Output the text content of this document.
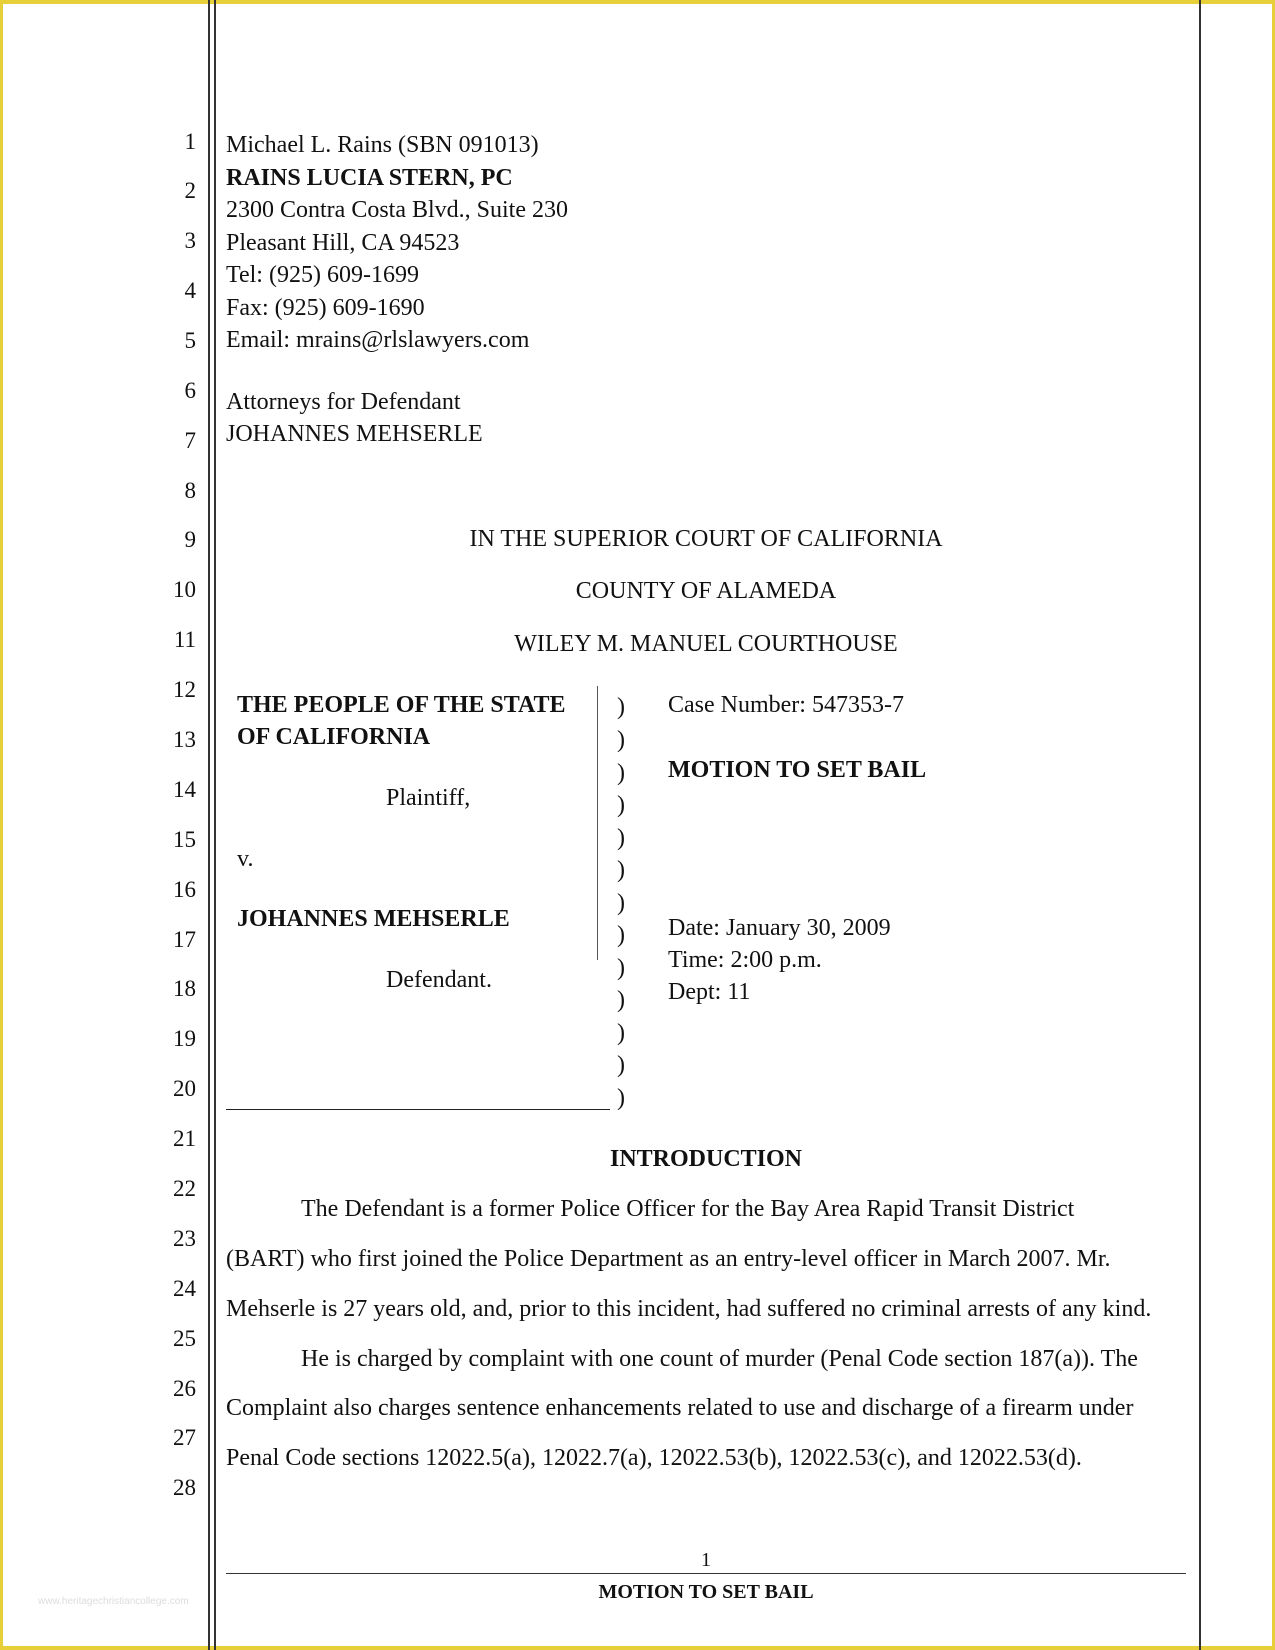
1
2
3
4
5
6
7
8
9
10
11
12
13
14
15
16
17
18
19
20
21
22
23
24
25
26
27
28
Michael L. Rains (SBN 091013)
RAINS LUCIA STERN, PC
2300 Contra Costa Blvd., Suite 230
Pleasant Hill, CA 94523
Tel: (925) 609-1699
Fax: (925) 609-1690
Email: mrains@rlslawyers.com
Attorneys for Defendant
JOHANNES MEHSERLE
IN THE SUPERIOR COURT OF CALIFORNIA
COUNTY OF ALAMEDA
WILEY M. MANUEL COURTHOUSE
THE PEOPLE OF THE STATE
OF CALIFORNIA
Plaintiff,
v.
JOHANNES MEHSERLE
Defendant.
)
)
)
)
)
)
)
)
)
)
)
)
)
Case Number: 547353-7
MOTION TO SET BAIL
Date: January 30, 2009
Time: 2:00 p.m.
Dept: 11
INTRODUCTION
The Defendant is a former Police Officer for the Bay Area Rapid Transit District
(BART) who first joined the Police Department as an entry-level officer in March 2007. Mr.
Mehserle is 27 years old, and, prior to this incident, had suffered no criminal arrests of any kind.
He is charged by complaint with one count of murder (Penal Code section 187(a)). The
Complaint also charges sentence enhancements related to use and discharge of a firearm under
Penal Code sections 12022.5(a), 12022.7(a), 12022.53(b), 12022.53(c), and 12022.53(d).
1
MOTION TO SET BAIL
www.heritagechristiancollege.com
